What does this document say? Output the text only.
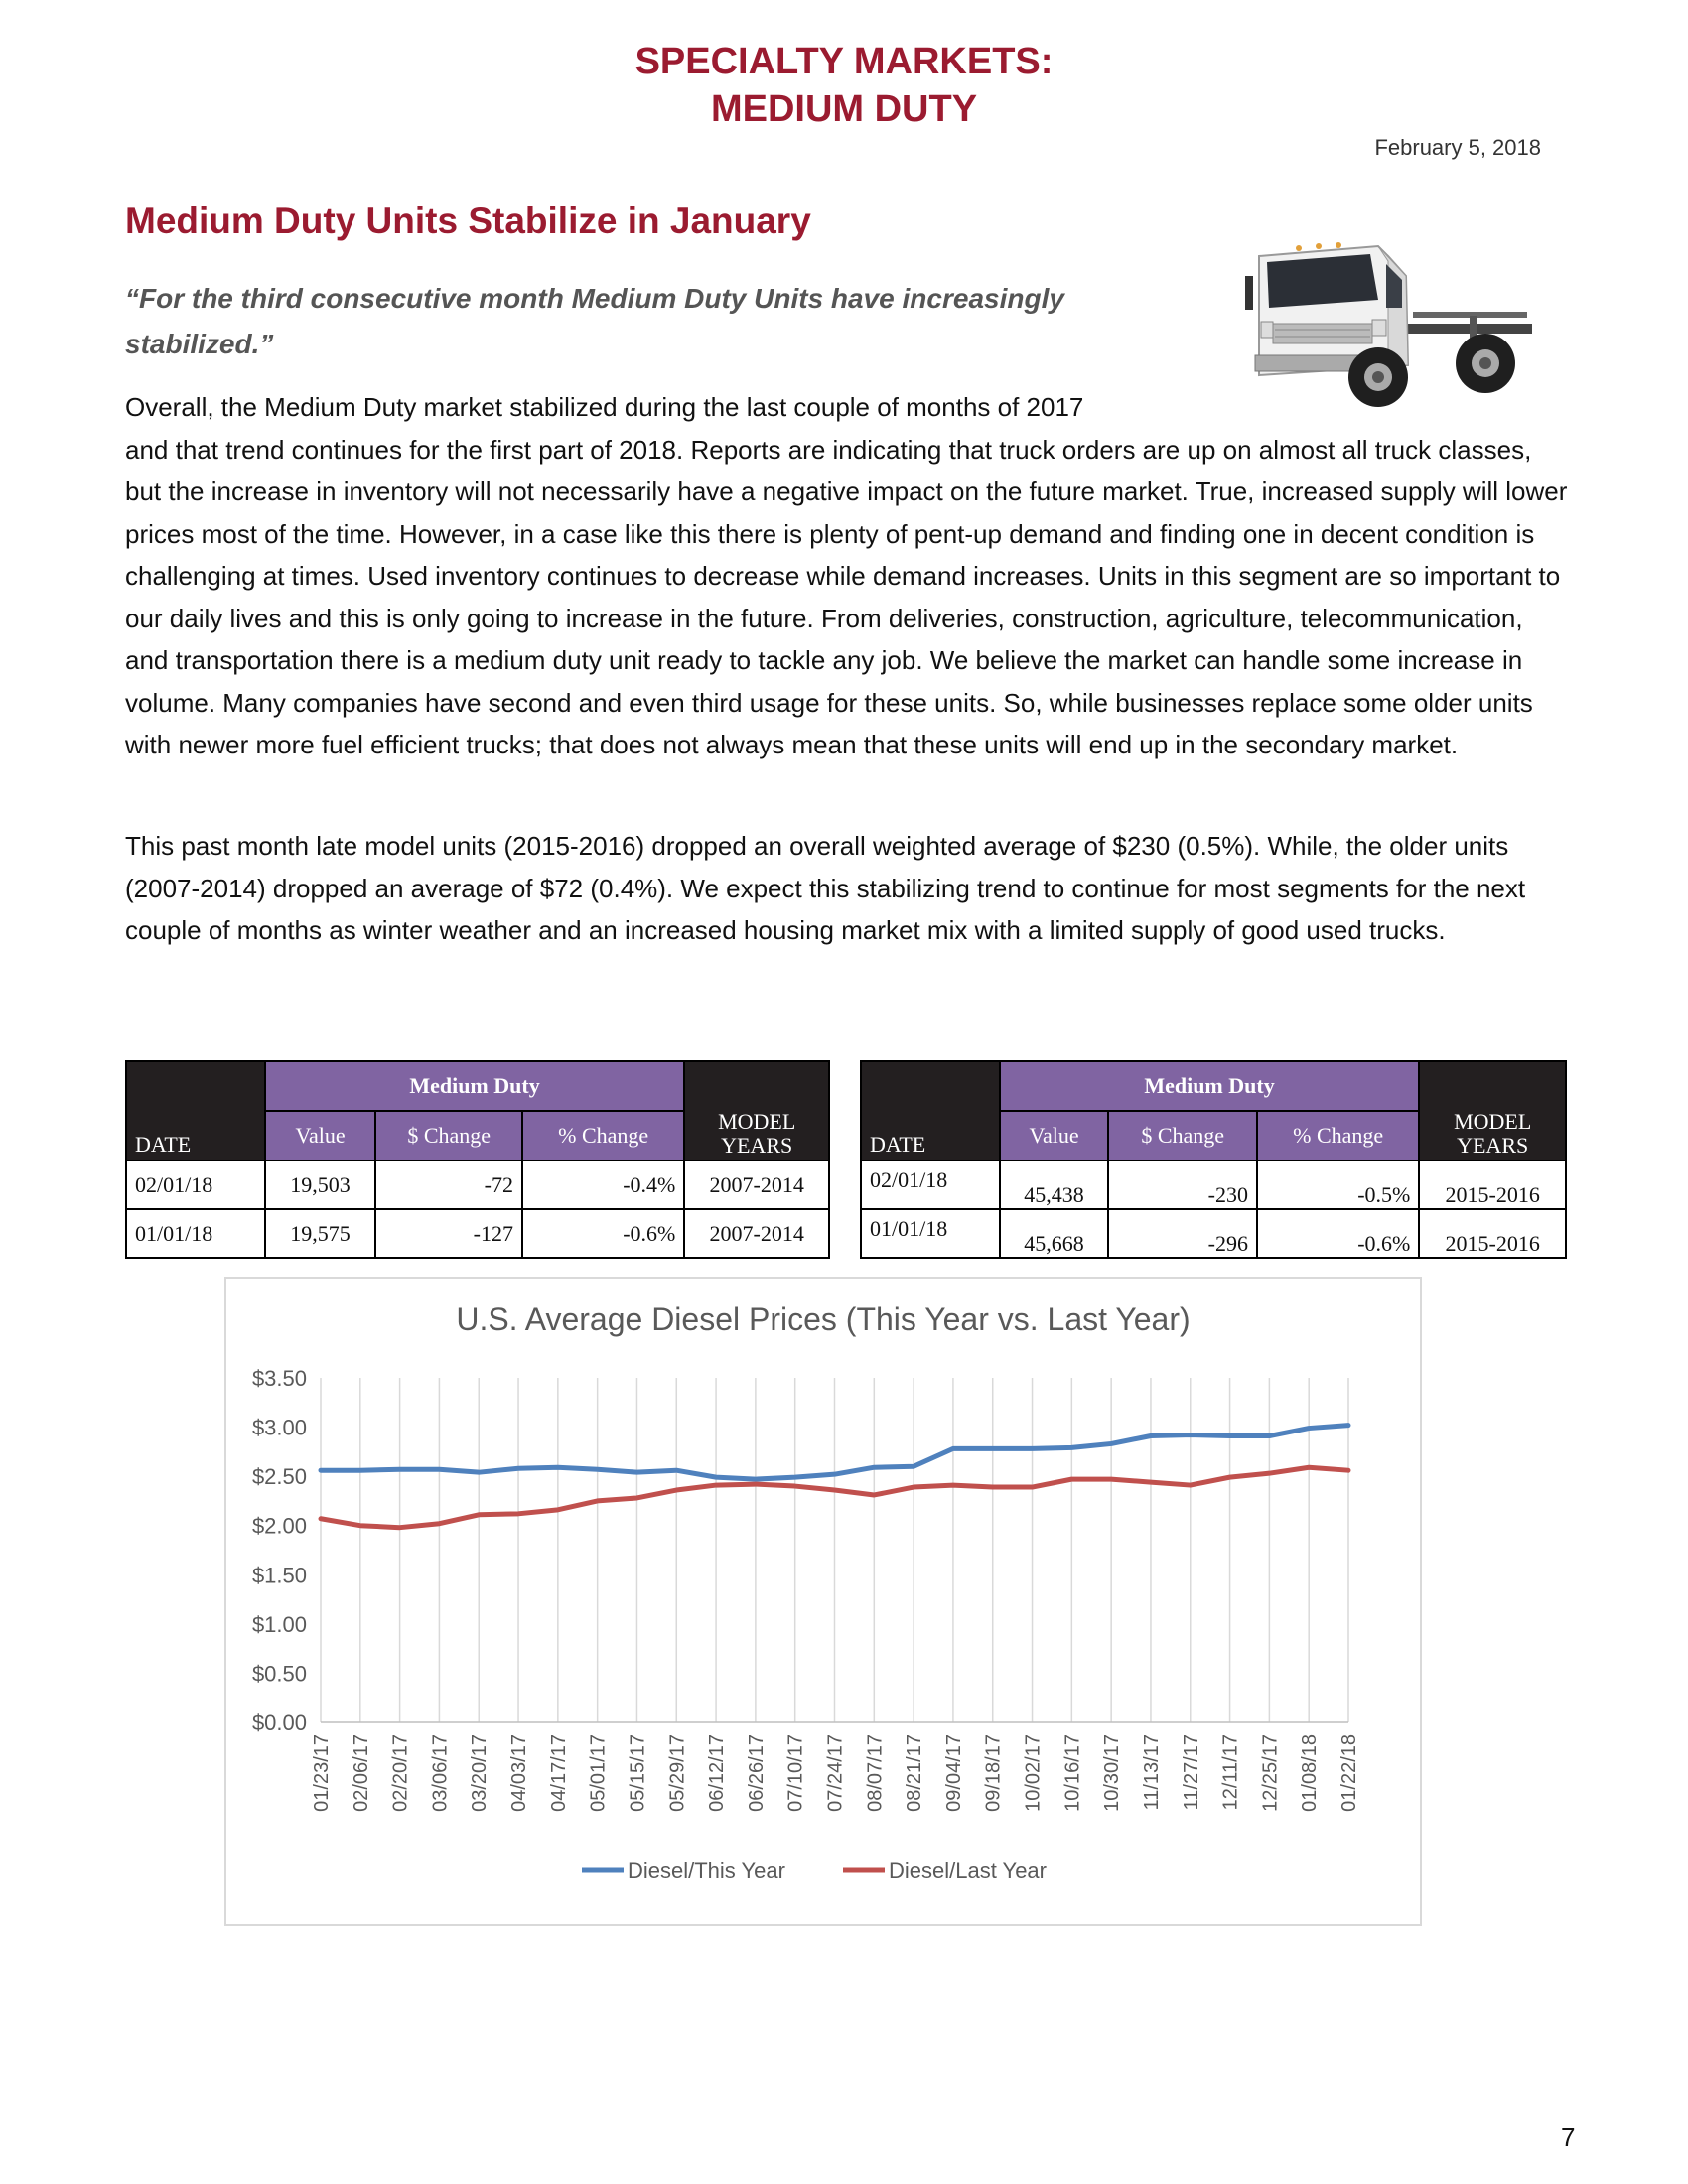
SPECIALTY MARKETS:
MEDIUM DUTY
February 5, 2018
Medium Duty Units Stabilize in January
“For the third consecutive month Medium Duty Units have increasingly
stabilized.”

Overall, the Medium Duty market stabilized during the last couple of months of 2017
and that trend continues for the first part of 2018. Reports are indicating that truck orders are up on almost all truck classes, but the increase in inventory will not necessarily have a negative impact on the future market. True, increased supply will lower prices most of the time. However, in a case like this there is plenty of pent-up demand and finding one in decent condition is challenging at times. Used inventory continues to decrease while demand increases. Units in this segment are so important to our daily lives and this is only going to increase in the future. From deliveries, construction, agriculture, telecommunication, and transportation there is a medium duty unit ready to tackle any job. We believe the market can handle some increase in volume. Many companies have second and even third usage for these units. So, while businesses replace some older units with newer more fuel efficient trucks; that does not always mean that these units will end up in the secondary market.

This past month late model units (2015-2016) dropped an overall weighted average of $230 (0.5%). While, the older units (2007-2014) dropped an average of $72 (0.4%). We expect this stabilizing trend to continue for most segments for the next couple of months as winter weather and an increased housing market mix with a limited supply of good used trucks.

DATE	Medium Duty			MODEL
YEARS

	Value	$ Change	% Change	
02/01/18	19,503	-72	-0.4%	2007-2014
01/01/18	19,575	-127	-0.6%	2007-2014
DATE	Medium Duty			MODEL
YEARS

	Value	$ Change	% Change	
02/01/18	45,438	-230	-0.5%	2015-2016
01/01/18	45,668	-296	-0.6%	2015-2016
U.S. Average Diesel Prices (This Year vs. Last Year)
$0.00
$0.50
$1.00
$1.50
$2.00
$2.50
$3.00
$3.50
01/23/17 02/06/17 02/20/17 03/06/17 03/20/17 04/03/17 04/17/17 05/01/17 05/15/17 05/29/17 06/12/17 06/26/17 07/10/17 07/24/17 08/07/17 08/21/17 09/04/17 09/18/17 10/02/17 10/16/17 10/30/17 11/13/17 11/27/17 12/11/17 12/25/17 01/08/18 01/22/18
Diesel/This Year	Diesel/Last Year
7
